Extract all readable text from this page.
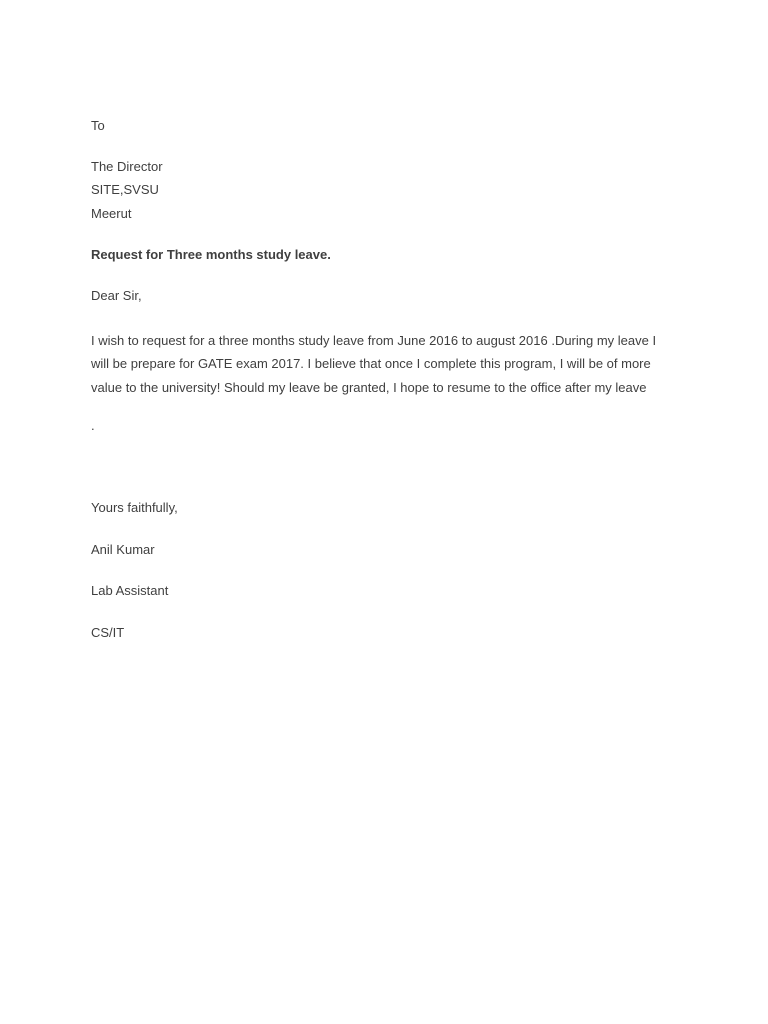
To
The Director
SITE,SVSU
Meerut
Request for Three months study leave.
Dear Sir,
I wish to request for a three months study leave from June 2016 to august 2016 .During my leave I
will be prepare for GATE exam 2017. I believe that once I complete this program, I will be of more
value to the university! Should my leave be granted, I hope to resume to the office after my leave
.
Yours faithfully,
Anil Kumar
Lab Assistant
CS/IT
